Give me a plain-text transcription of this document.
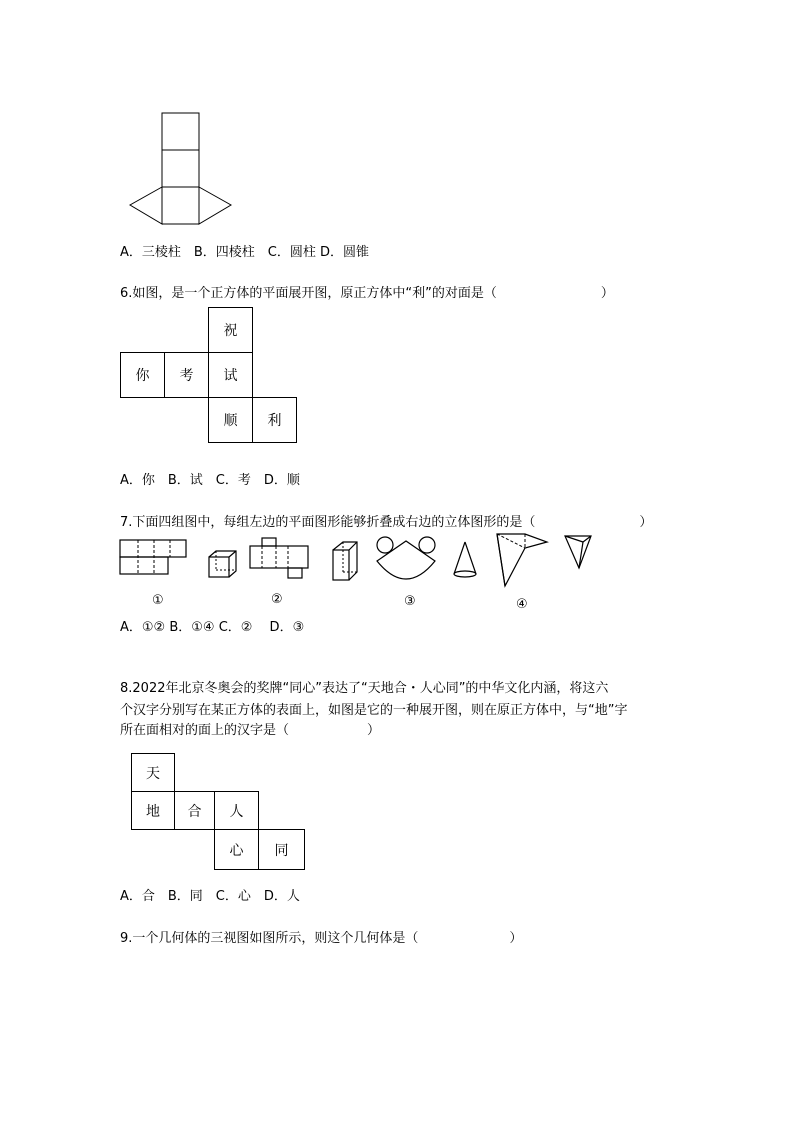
A．三棱柱　B．四棱柱　C．圆柱 D．圆锥
6.如图，是一个正方体的平面展开图，原正方体中“利”的对面是（　　　　　　　　）
祝
你	考	试
顺	利
A．你　B．试　C．考　D．顺
7.下面四组图中，每组左边的平面图形能够折叠成右边的立体图形的是（　　　　　　　　）
①	②	③	④
A．①② B．①④ C．②　 D．③
8.2022年北京冬奥会的奖牌“同心”表达了“天地合・人心同”的中华文化内涵，将这六
个汉字分别写在某正方体的表面上，如图是它的一种展开图，则在原正方体中，与“地”字
所在面相对的面上的汉字是（　　　　　　）
天
地	合	人
心	同
A．合　B．同　C．心　D．人
9.一个几何体的三视图如图所示，则这个几何体是（　　　　　　　）
